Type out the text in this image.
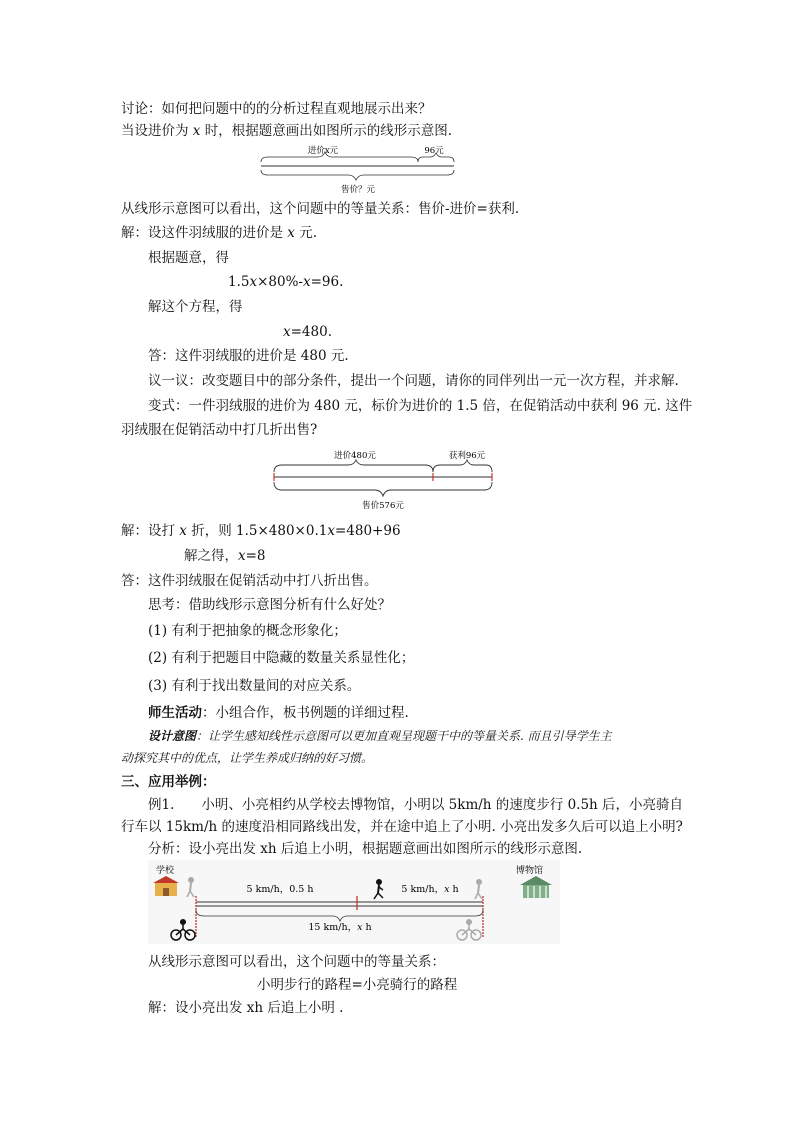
讨论：如何把问题中的的分析过程直观地展示出来？
当设进价为 x 时，根据题意画出如图所示的线形示意图.
进价x元	96元
售价？元
从线形示意图可以看出，这个问题中的等量关系：售价-进价=获利.
解：设这件羽绒服的进价是 x 元.
根据题意，得
1.5x×80%-x=96.
解这个方程，得
x=480.
答：这件羽绒服的进价是 480 元.
议一议：改变题目中的部分条件，提出一个问题，请你的同伴列出一元一次方程，并求解.
变式：一件羽绒服的进价为 480 元，标价为进价的 1.5 倍，在促销活动中获利 96 元. 这件
羽绒服在促销活动中打几折出售?
进价480元	获利96元
售价576元
解：设打 x 折，则 1.5×480×0.1x=480+96
解之得，x=8
答：这件羽绒服在促销活动中打八折出售。
思考：借助线形示意图分析有什么好处？
(1) 有利于把抽象的概念形象化；
(2) 有利于把题目中隐藏的数量关系显性化；
(3) 有利于找出数量间的对应关系。
师生活动：小组合作，板书例题的详细过程.
设计意图：让学生感知线性示意图可以更加直观呈现题干中的等量关系. 而且引导学生主
动探究其中的优点，让学生养成归纳的好习惯。
三、应用举例：
例1.　　小明、小亮相约从学校去博物馆，小明以 5km/h 的速度步行 0.5h 后，小亮骑自
行车以 15km/h 的速度沿相同路线出发，并在途中追上了小明. 小亮出发多久后可以追上小明?
分析：设小亮出发 xh 后追上小明，根据题意画出如图所示的线形示意图.
学校	博物馆
5 km/h，0.5 h	5 km/h，x h
15 km/h，x h
从线形示意图可以看出，这个问题中的等量关系：
小明步行的路程=小亮骑行的路程
解：设小亮出发 xh 后追上小明 .
